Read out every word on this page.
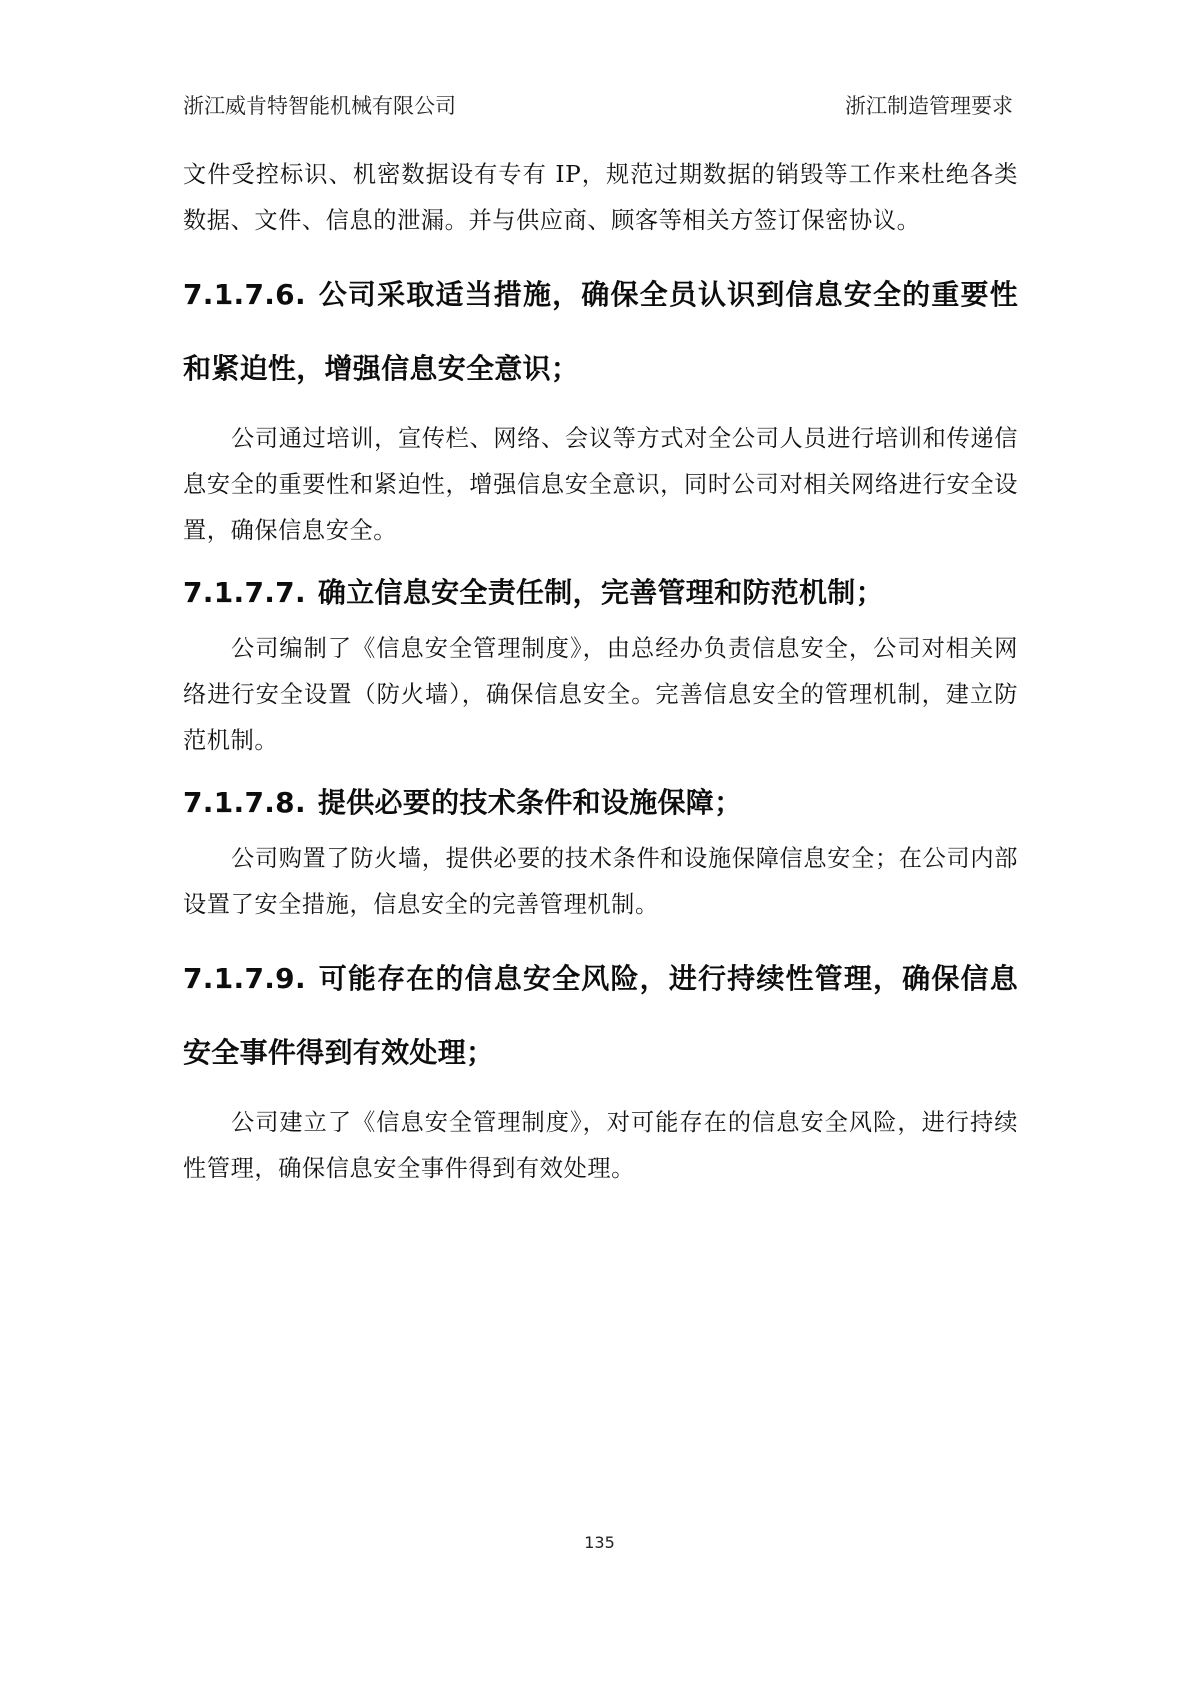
浙江威肯特智能机械有限公司	浙江制造管理要求

文件受控标识、机密数据设有专有 IP，规范过期数据的销毁等工作来杜绝各类数据、文件、信息的泄漏。并与供应商、顾客等相关方签订保密协议。

7.1.7.6. 公司采取适当措施，确保全员认识到信息安全的重要性和紧迫性，增强信息安全意识；

公司通过培训，宣传栏、网络、会议等方式对全公司人员进行培训和传递信息安全的重要性和紧迫性，增强信息安全意识，同时公司对相关网络进行安全设置，确保信息安全。

7.1.7.7. 确立信息安全责任制，完善管理和防范机制；

公司编制了《信息安全管理制度》，由总经办负责信息安全，公司对相关网络进行安全设置（防火墙），确保信息安全。完善信息安全的管理机制，建立防范机制。

7.1.7.8. 提供必要的技术条件和设施保障；

公司购置了防火墙，提供必要的技术条件和设施保障信息安全；在公司内部设置了安全措施，信息安全的完善管理机制。

7.1.7.9. 可能存在的信息安全风险，进行持续性管理，确保信息安全事件得到有效处理；

公司建立了《信息安全管理制度》，对可能存在的信息安全风险，进行持续性管理，确保信息安全事件得到有效处理。

135
